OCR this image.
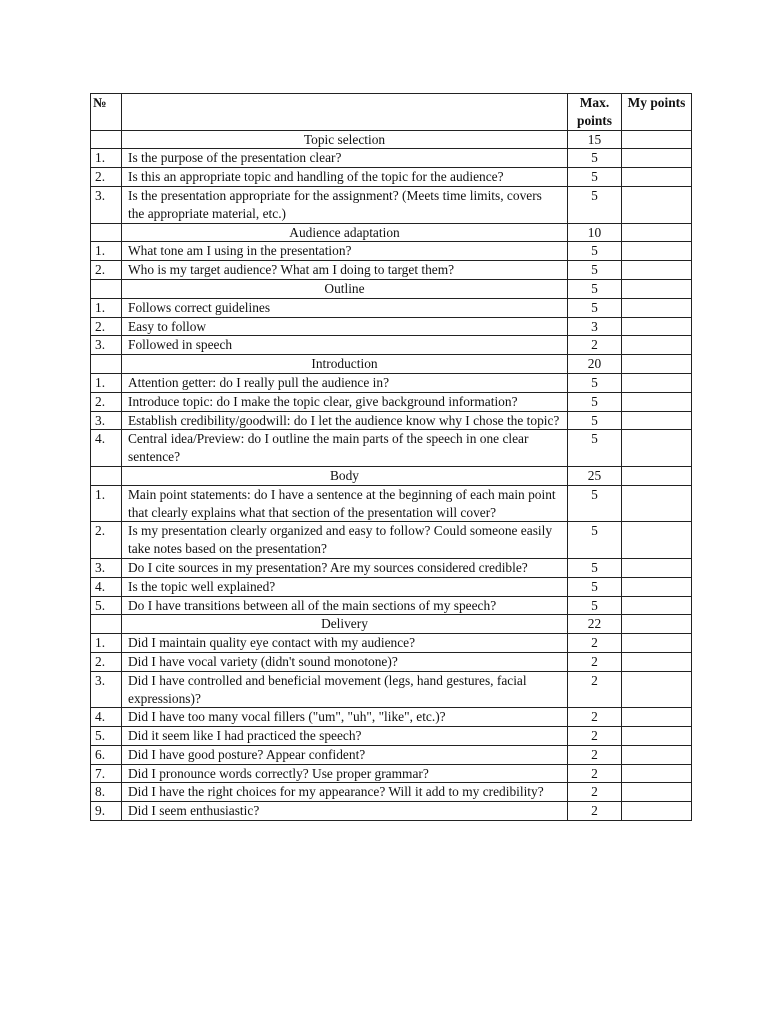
№		Max. points	My points
	Topic selection	15	
1.	Is the purpose of the presentation clear?	5	
2.	Is this an appropriate topic and handling of the topic for the audience?	5	
3.	Is the presentation appropriate for the assignment? (Meets time limits, covers
the appropriate material, etc.)	5	
	Audience adaptation	10	
1.	What tone am I using in the presentation?	5	
2.	Who is my target audience? What am I doing to target them?	5	
	Outline	5	
1.	Follows correct guidelines	5	
2.	Easy to follow	3	
3.	Followed in speech	2	
	Introduction	20	
1.	Attention getter: do I really pull the audience in?	5	
2.	Introduce topic: do I make the topic clear, give background information?	5	
3.	Establish credibility/goodwill: do I let the audience know why I chose the topic?	5	
4.	Central idea/Preview: do I outline the main parts of the speech in one clear sentence?	5	
	Body	25	
1.	Main point statements: do I have a sentence at the beginning of each main point that clearly explains what that section of the presentation will cover?	5	
2.	Is my presentation clearly organized and easy to follow? Could someone easily take notes based on the presentation?	5	
3.	Do I cite sources in my presentation? Are my sources considered credible?	5	
4.	Is the topic well explained?	5	
5.	Do I have transitions between all of the main sections of my speech?	5	
	Delivery	22	
1.	Did I maintain quality eye contact with my audience?	2	
2.	Did I have vocal variety (didn't sound monotone)?	2	
3.	Did I have controlled and beneficial movement (legs, hand gestures, facial expressions)?	2	
4.	Did I have too many vocal fillers ("um", "uh", "like", etc.)?	2	
5.	Did it seem like I had practiced the speech?	2	
6.	Did I have good posture? Appear confident?	2	
7.	Did I pronounce words correctly? Use proper grammar?	2	
8.	Did I have the right choices for my appearance? Will it add to my credibility?	2	
9.	Did I seem enthusiastic?	2	
